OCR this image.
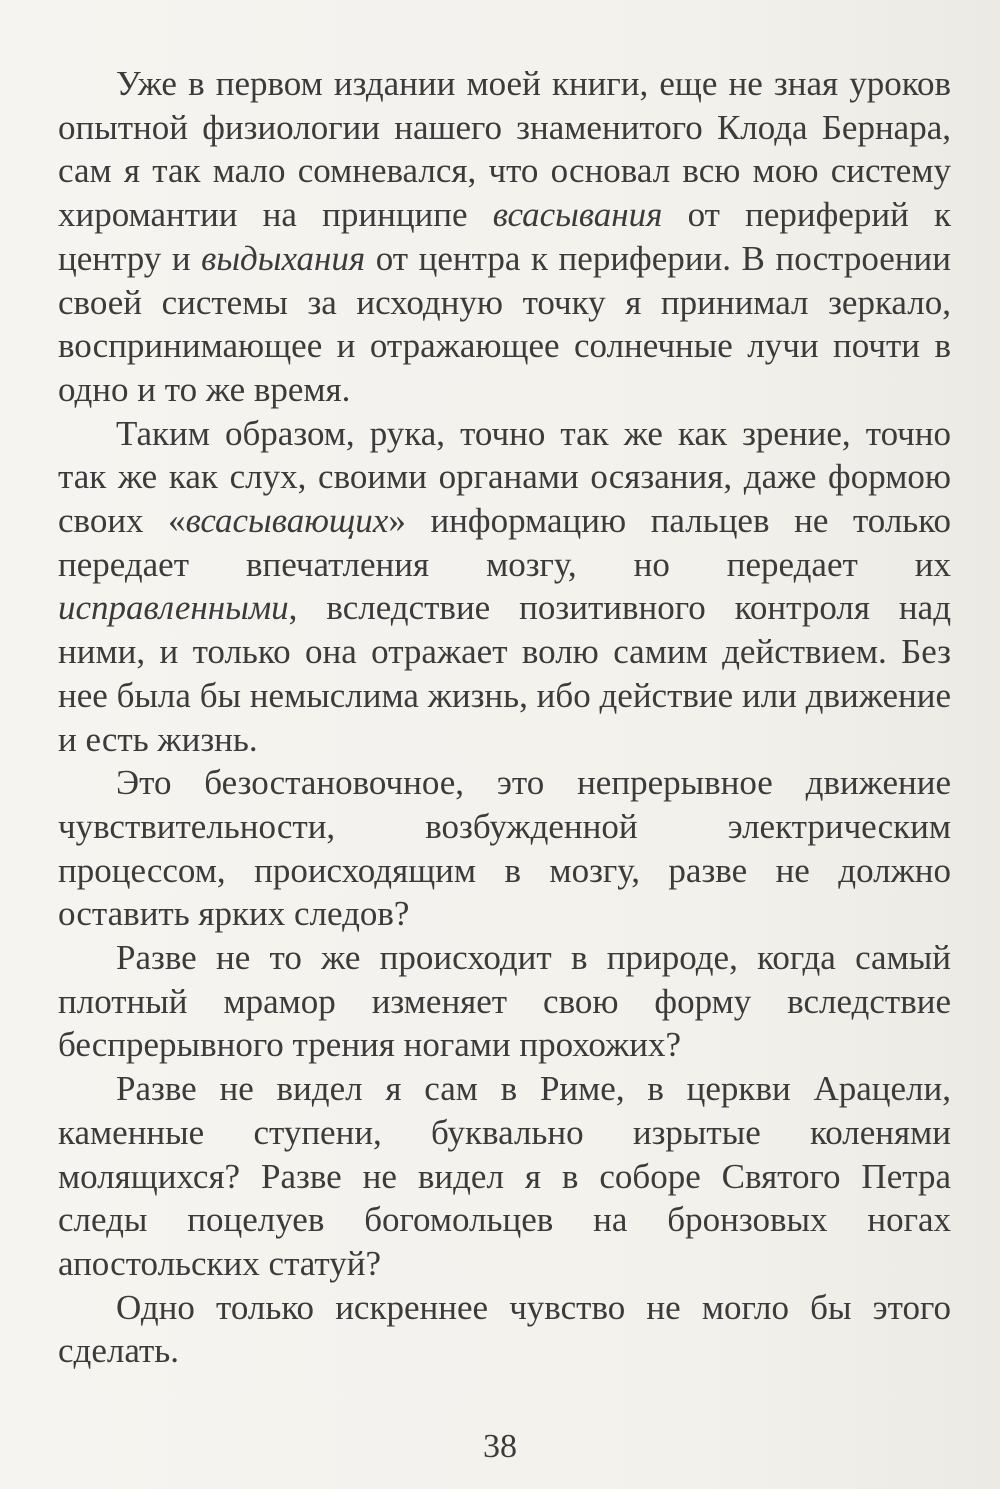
Уже в первом издании моей книги, еще не зная уроков опытной физиологии нашего знаменитого Клода Бернара, сам я так мало сомневался, что основал всю мою систему хиромантии на принципе всасывания от периферий к центру и выдыхания от центра к периферии. В построении своей системы за исходную точку я принимал зеркало, воспринимающее и отражающее солнечные лучи почти в одно и то же время.

Таким образом, рука, точно так же как зрение, точно так же как слух, своими органами осязания, даже формою своих «всасывающих» информацию пальцев не только передает впечатления мозгу, но передает их исправленными, вследствие позитивного контроля над ними, и только она отражает волю самим действием. Без нее была бы немыслима жизнь, ибо действие или движение и есть жизнь.

Это безостановочное, это непрерывное движение чувствительности, возбужденной электрическим процессом, происходящим в мозгу, разве не должно оставить ярких следов?

Разве не то же происходит в природе, когда самый плотный мрамор изменяет свою форму вследствие беспрерывного трения ногами прохожих?

Разве не видел я сам в Риме, в церкви Арацели, каменные ступени, буквально изрытые коленями молящихся? Разве не видел я в соборе Святого Петра следы поцелуев богомольцев на бронзовых ногах апостольских статуй?

Одно только искреннее чувство не могло бы этого сделать.

38
